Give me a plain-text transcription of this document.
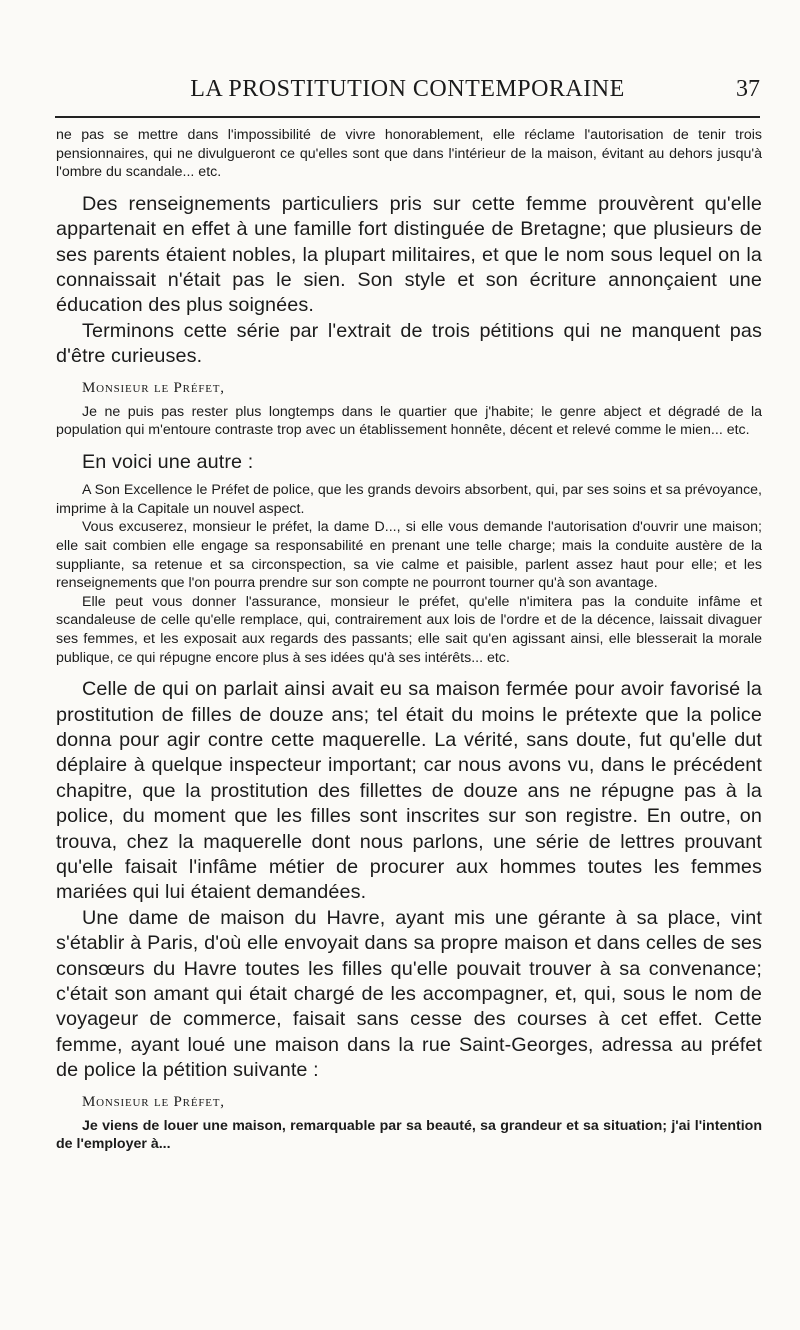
LA PROSTITUTION CONTEMPORAINE	37

ne pas se mettre dans l'impossibilité de vivre honorablement, elle réclame l'autorisation de tenir trois pensionnaires, qui ne divulgueront ce qu'elles sont que dans l'intérieur de la maison, évitant au dehors jusqu'à l'ombre du scandale... etc.

Des renseignements particuliers pris sur cette femme prouvèrent qu'elle appartenait en effet à une famille fort distinguée de Bretagne; que plusieurs de ses parents étaient nobles, la plupart militaires, et que le nom sous lequel on la connaissait n'était pas le sien. Son style et son écriture annonçaient une éducation des plus soignées.

Terminons cette série par l'extrait de trois pétitions qui ne manquent pas d'être curieuses.

Monsieur le Préfet,

Je ne puis pas rester plus longtemps dans le quartier que j'habite; le genre abject et dégradé de la population qui m'entoure contraste trop avec un établissement honnête, décent et relevé comme le mien... etc.

En voici une autre :

A Son Excellence le Préfet de police, que les grands devoirs absorbent, qui, par ses soins et sa prévoyance, imprime à la Capitale un nouvel aspect.

Vous excuserez, monsieur le préfet, la dame D..., si elle vous demande l'autorisation d'ouvrir une maison; elle sait combien elle engage sa responsabilité en prenant une telle charge; mais la conduite austère de la suppliante, sa retenue et sa circonspection, sa vie calme et paisible, parlent assez haut pour elle; et les renseignements que l'on pourra prendre sur son compte ne pourront tourner qu'à son avantage.

Elle peut vous donner l'assurance, monsieur le préfet, qu'elle n'imitera pas la conduite infâme et scandaleuse de celle qu'elle remplace, qui, contrairement aux lois de l'ordre et de la décence, laissait divaguer ses femmes, et les exposait aux regards des passants; elle sait qu'en agissant ainsi, elle blesserait la morale publique, ce qui répugne encore plus à ses idées qu'à ses intérêts... etc.

Celle de qui on parlait ainsi avait eu sa maison fermée pour avoir favorisé la prostitution de filles de douze ans; tel était du moins le prétexte que la police donna pour agir contre cette maquerelle. La vérité, sans doute, fut qu'elle dut déplaire à quelque inspecteur important; car nous avons vu, dans le précédent chapitre, que la prostitution des fillettes de douze ans ne répugne pas à la police, du moment que les filles sont inscrites sur son registre. En outre, on trouva, chez la maquerelle dont nous parlons, une série de lettres prouvant qu'elle faisait l'infâme métier de procurer aux hommes toutes les femmes mariées qui lui étaient demandées.

Une dame de maison du Havre, ayant mis une gérante à sa place, vint s'établir à Paris, d'où elle envoyait dans sa propre maison et dans celles de ses consœurs du Havre toutes les filles qu'elle pouvait trouver à sa convenance; c'était son amant qui était chargé de les accompagner, et, qui, sous le nom de voyageur de commerce, faisait sans cesse des courses à cet effet. Cette femme, ayant loué une maison dans la rue Saint-Georges, adressa au préfet de police la pétition suivante :

Monsieur le Préfet,

Je viens de louer une maison, remarquable par sa beauté, sa grandeur et sa situation; j'ai l'intention de l'employer à...
